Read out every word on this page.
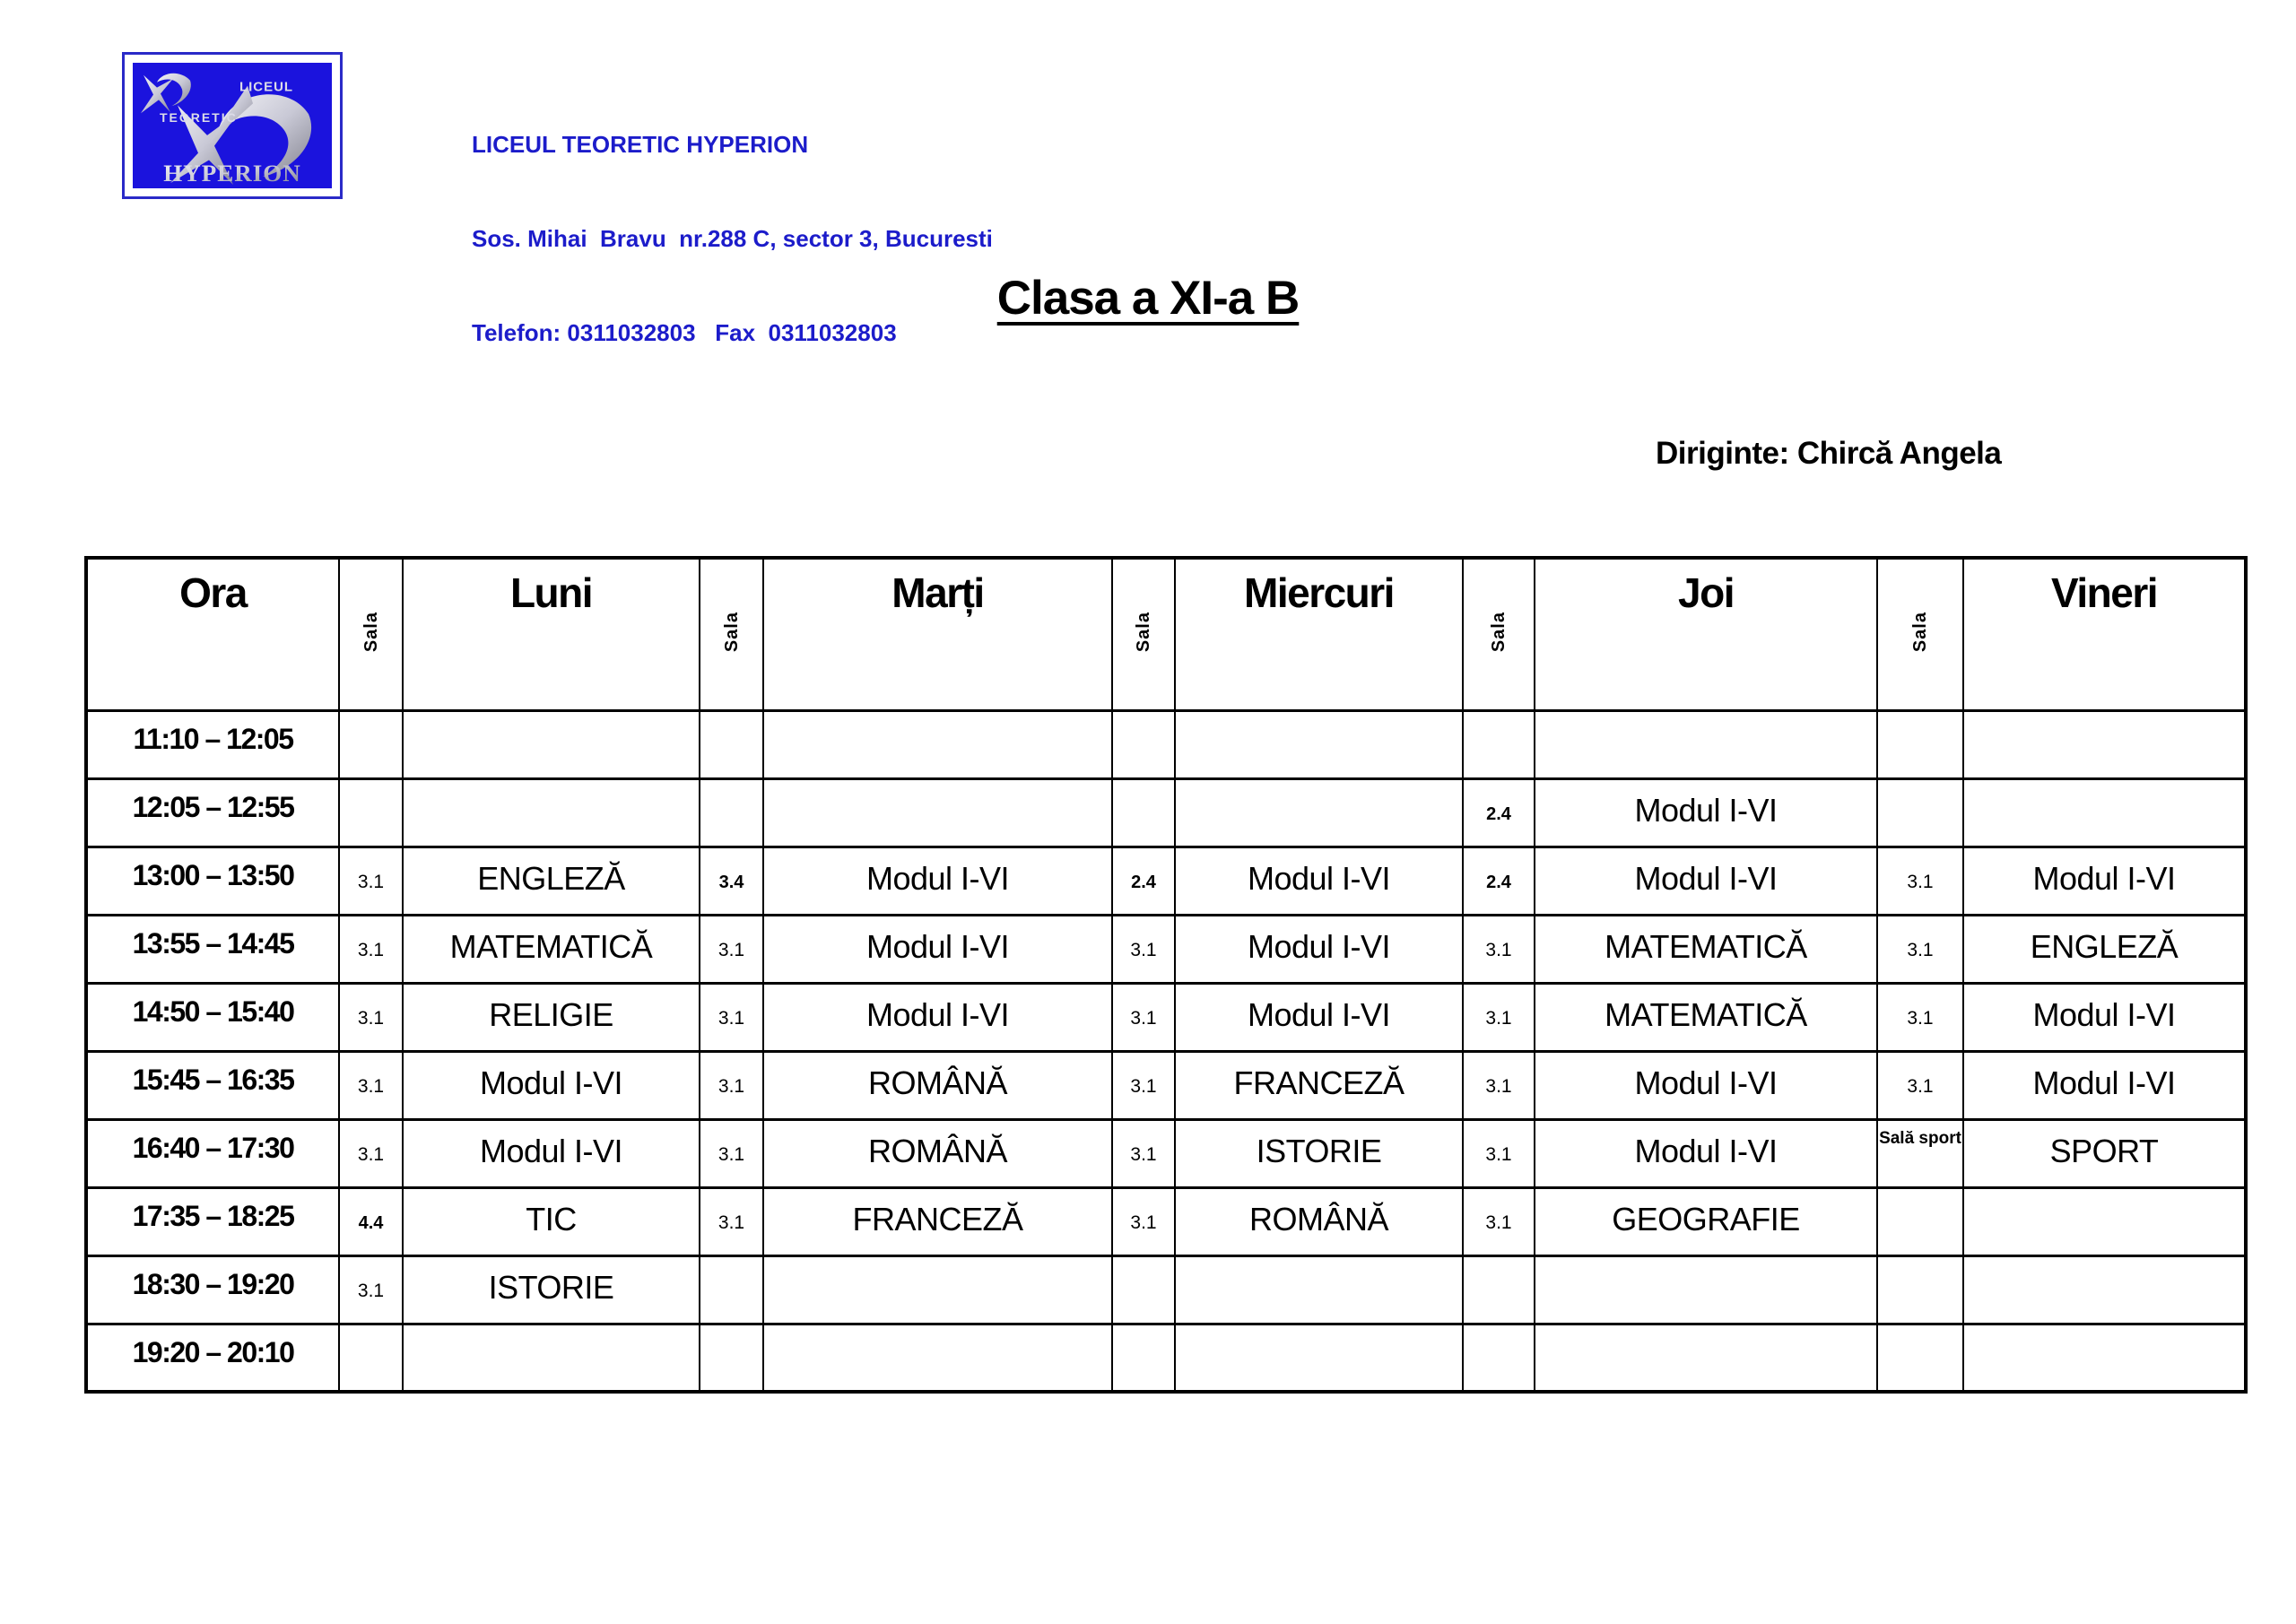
LICEUL
TEORETIC
HYPERION

LICEUL TEORETIC HYPERION

Sos. Mihai  Bravu  nr.288 C, sector 3, Bucuresti

Telefon: 0311032803   Fax  0311032803

Clasa a XI-a B
Diriginte: Chircă Angela
Ora	Sala	Luni	Sala	Marți	Sala	Miercuri	Sala	Joi	Sala	Vineri
11:10 – 12:05										
12:05 – 12:55							2.4	Modul I-VI		
13:00 – 13:50	3.1	ENGLEZĂ	3.4	Modul I-VI	2.4	Modul I-VI	2.4	Modul I-VI	3.1	Modul I-VI
13:55 – 14:45	3.1	MATEMATICĂ	3.1	Modul I-VI	3.1	Modul I-VI	3.1	MATEMATICĂ	3.1	ENGLEZĂ
14:50 – 15:40	3.1	RELIGIE	3.1	Modul I-VI	3.1	Modul I-VI	3.1	MATEMATICĂ	3.1	Modul I-VI
15:45 – 16:35	3.1	Modul I-VI	3.1	ROMÂNĂ	3.1	FRANCEZĂ	3.1	Modul I-VI	3.1	Modul I-VI
16:40 – 17:30	3.1	Modul I-VI	3.1	ROMÂNĂ	3.1	ISTORIE	3.1	Modul I-VI	Sală sport	SPORT
17:35 – 18:25	4.4	TIC	3.1	FRANCEZĂ	3.1	ROMÂNĂ	3.1	GEOGRAFIE		
18:30 – 19:20	3.1	ISTORIE								
19:20 – 20:10										
